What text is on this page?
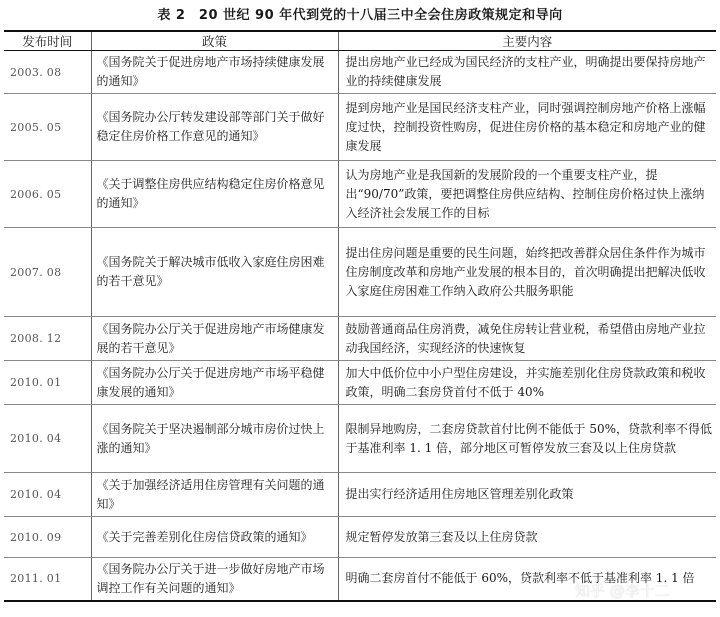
表 2　20 世纪 90 年代到党的十八届三中全会住房政策规定和导向
发布时间	政策	主要内容
2003. 08	《国务院关于促进房地产市场持续健康发展的通知》	提出房地产业已经成为国民经济的支柱产业，明确提出要保持房地产业的持续健康发展
2005. 05	《国务院办公厅转发建设部等部门关于做好稳定住房价格工作意见的通知》	提到房地产业是国民经济支柱产业，同时强调控制房地产价格上涨幅度过快，控制投资性购房，促进住房价格的基本稳定和房地产业的健康发展
2006. 05	《关于调整住房供应结构稳定住房价格意见的通知》	认为房地产业是我国新的发展阶段的一个重要支柱产业，提出“90/70”政策，要把调整住房供应结构、控制住房价格过快上涨纳入经济社会发展工作的目标
2007. 08	《国务院关于解决城市低收入家庭住房困难的若干意见》	提出住房问题是重要的民生问题，始终把改善群众居住条件作为城市住房制度改革和房地产业发展的根本目的，首次明确提出把解决低收入家庭住房困难工作纳入政府公共服务职能
2008. 12	《国务院办公厅关于促进房地产市场健康发展的若干意见》	鼓励普通商品住房消费，减免住房转让营业税，希望借由房地产业拉动我国经济，实现经济的快速恢复
2010. 01	《国务院办公厅关于促进房地产市场平稳健康发展的通知》	加大中低价位中小户型住房建设，并实施差别化住房贷款政策和税收政策，明确二套房贷首付不低于 40%
2010. 04	《国务院关于坚决遏制部分城市房价过快上涨的通知》	限制异地购房，二套房贷款首付比例不能低于 50%，贷款利率不得低于基准利率 1. 1 倍，部分地区可暂停发放三套及以上住房贷款
2010. 04	《关于加强经济适用住房管理有关问题的通知》	提出实行经济适用住房地区管理差别化政策
2010. 09	《关于完善差别化住房信贷政策的通知》	规定暂停发放第三套及以上住房贷款
2011. 01	《国务院办公厅关于进一步做好房地产市场调控工作有关问题的通知》	明确二套房首付不能低于 60%，贷款利率不低于基准利率 1. 1 倍
知乎 @李十二
